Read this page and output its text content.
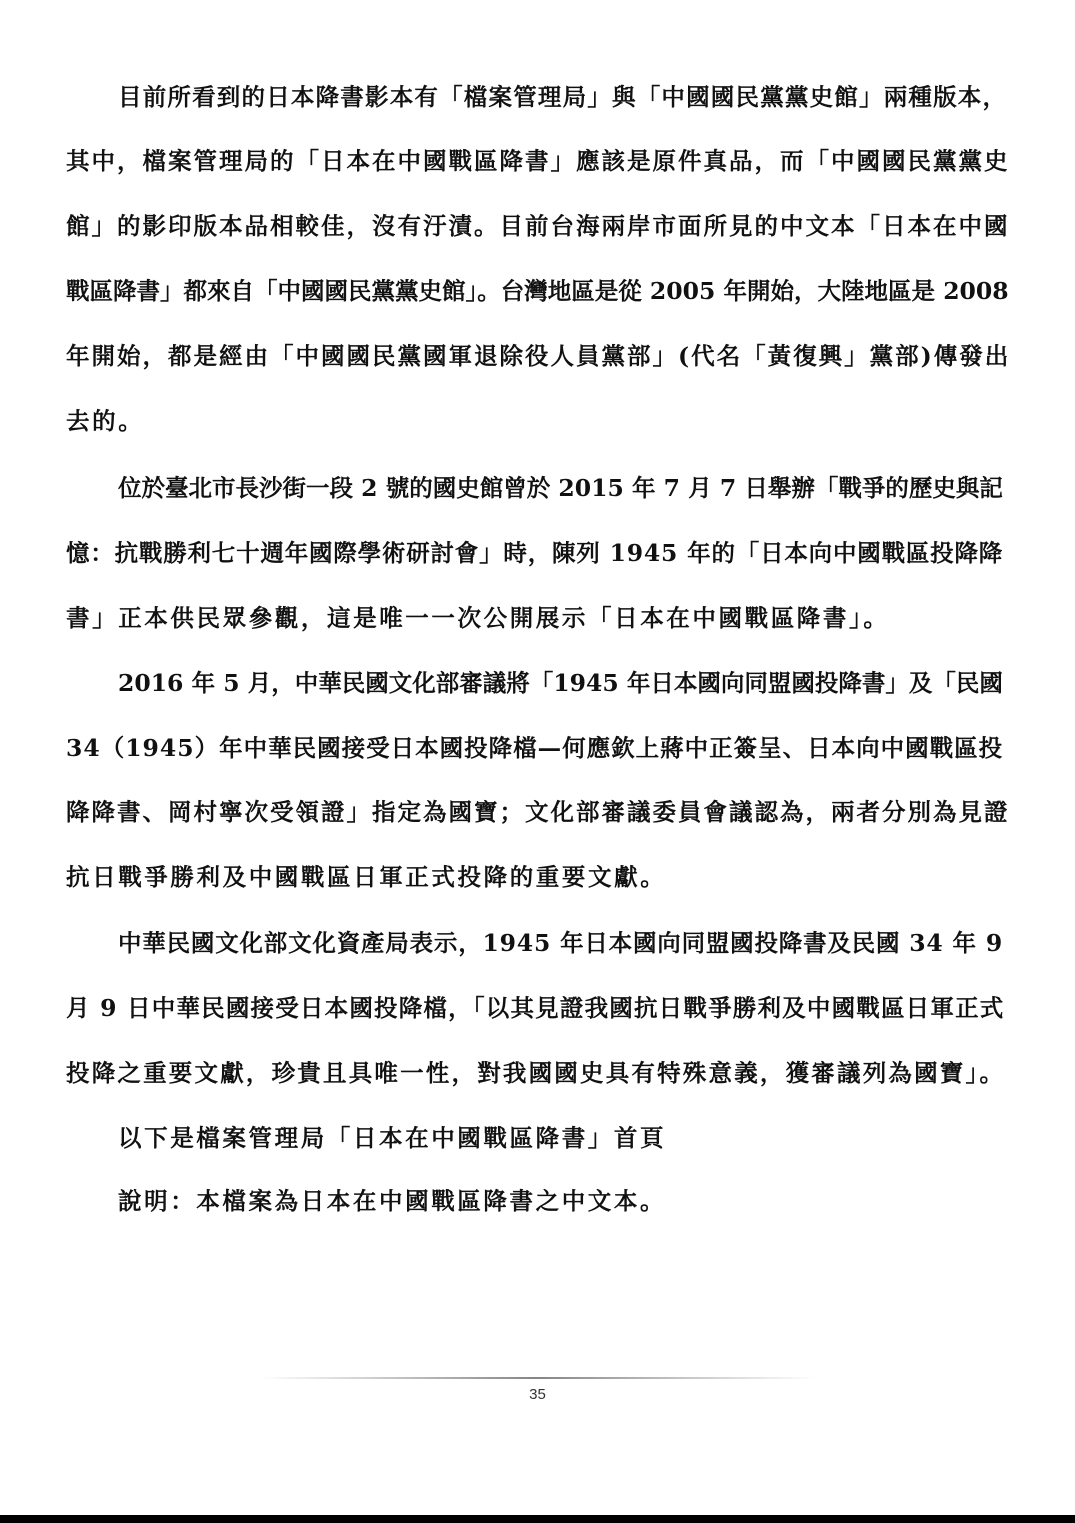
目前所看到的日本降書影本有「檔案管理局」與「中國國民黨黨史館」兩種版本，
其中，檔案管理局的「日本在中國戰區降書」應該是原件真品，而「中國國民黨黨史
館」的影印版本品相較佳，沒有汙漬。目前台海兩岸市面所見的中文本「日本在中國
戰區降書」都來自「中國國民黨黨史館」。台灣地區是從 2005 年開始，大陸地區是 2008
年開始，都是經由「中國國民黨國軍退除役人員黨部」(代名「黃復興」黨部)傳發出
去的。
位於臺北市長沙街一段 2 號的國史館曾於 2015 年 7 月 7 日舉辦「戰爭的歷史與記
憶：抗戰勝利七十週年國際學術研討會」時，陳列 1945 年的「日本向中國戰區投降降
書」正本供民眾參觀，這是唯一一次公開展示「日本在中國戰區降書」。
2016 年 5 月，中華民國文化部審議將「1945 年日本國向同盟國投降書」及「民國
34（1945）年中華民國接受日本國投降檔—何應欽上蔣中正簽呈、日本向中國戰區投
降降書、岡村寧次受領證」指定為國寶；文化部審議委員會議認為，兩者分別為見證
抗日戰爭勝利及中國戰區日軍正式投降的重要文獻。
中華民國文化部文化資產局表示，1945 年日本國向同盟國投降書及民國 34 年 9
月 9 日中華民國接受日本國投降檔，「以其見證我國抗日戰爭勝利及中國戰區日軍正式
投降之重要文獻，珍貴且具唯一性，對我國國史具有特殊意義，獲審議列為國寶」。
以下是檔案管理局「日本在中國戰區降書」首頁
說明：本檔案為日本在中國戰區降書之中文本。
35
